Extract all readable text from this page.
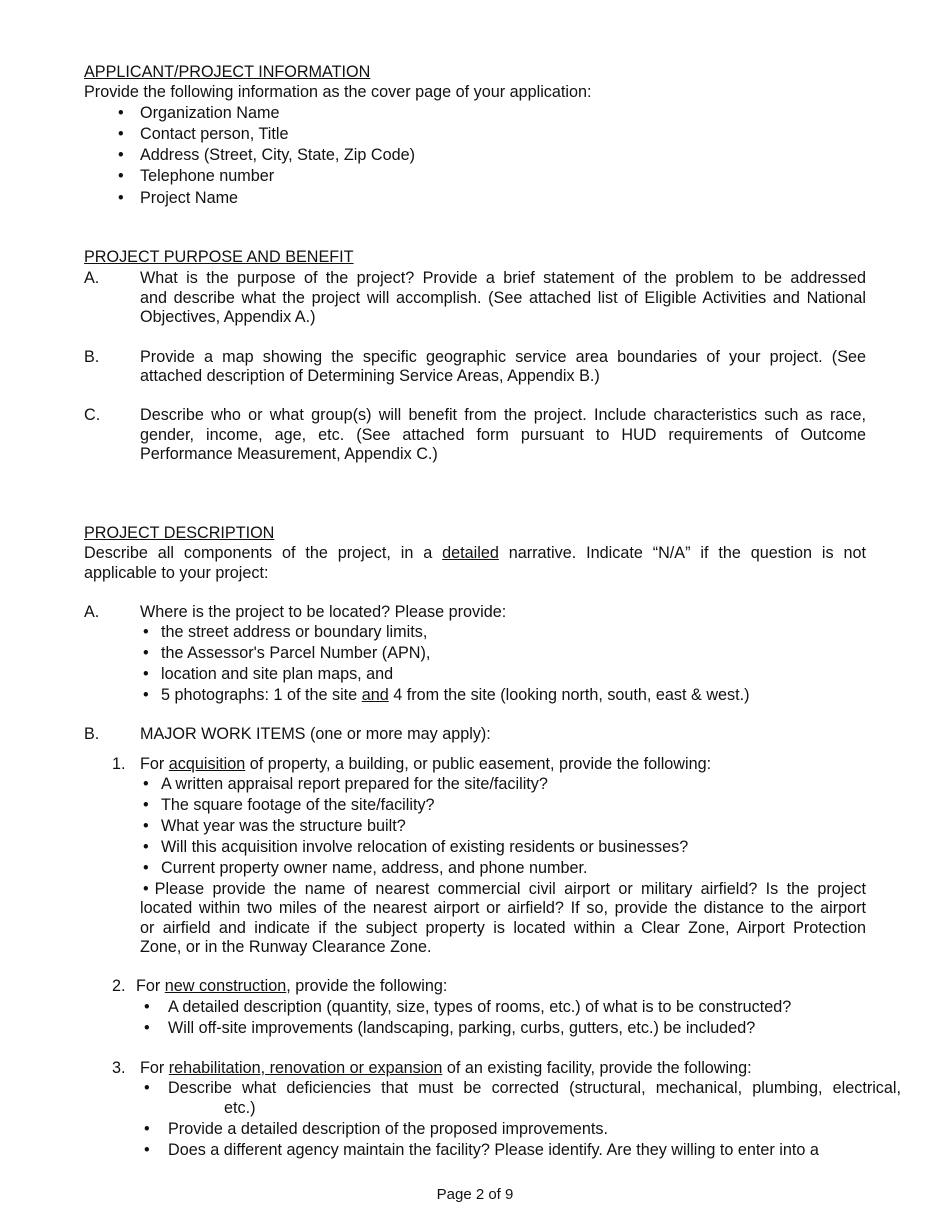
APPLICANT/PROJECT INFORMATION
Provide the following information as the cover page of your application:
• Organization Name
• Contact person, Title
• Address (Street, City, State, Zip Code)
• Telephone number
• Project Name
PROJECT PURPOSE AND BENEFIT
A.	What is the purpose of the project? Provide a brief statement of the problem to be addressed
and describe what the project will accomplish. (See attached list of Eligible Activities and National
Objectives, Appendix A.)
B.	Provide a map showing the specific geographic service area boundaries of your project. (See
attached description of Determining Service Areas, Appendix B.)
C. Describe who or what group(s) will benefit from the project. Include characteristics such as race,
gender, income, age, etc. (See attached form pursuant to HUD requirements of Outcome
Performance Measurement, Appendix C.)
PROJECT DESCRIPTION
Describe all components of the project, in a detailed narrative. Indicate “N/A” if the question is not
applicable to your project:
A.	Where is the project to be located? Please provide:
• the street address or boundary limits,
• the Assessor's Parcel Number (APN),
• location and site plan maps, and
• 5 photographs: 1 of the site and 4 from the site (looking north, south, east & west.)
B.	MAJOR WORK ITEMS (one or more may apply):
1. For acquisition of property, a building, or public easement, provide the following:
• A written appraisal report prepared for the site/facility?
• The square footage of the site/facility?
• What year was the structure built?
• Will this acquisition involve relocation of existing residents or businesses?
• Current property owner name, address, and phone number.
• Please provide the name of nearest commercial civil airport or military airfield? Is the project
located within two miles of the nearest airport or airfield? If so, provide the distance to the airport
or airfield and indicate if the subject property is located within a Clear Zone, Airport Protection
Zone, or in the Runway Clearance Zone.
2. For new construction, provide the following:
• A detailed description (quantity, size, types of rooms, etc.) of what is to be constructed?
• Will off-site improvements (landscaping, parking, curbs, gutters, etc.) be included?
3. For rehabilitation, renovation or expansion of an existing facility, provide the following:
• Describe what deficiencies that must be corrected (structural, mechanical, plumbing, electrical,
etc.)
• Provide a detailed description of the proposed improvements.
• Does a different agency maintain the facility? Please identify. Are they willing to enter into a
Page 2 of 9
